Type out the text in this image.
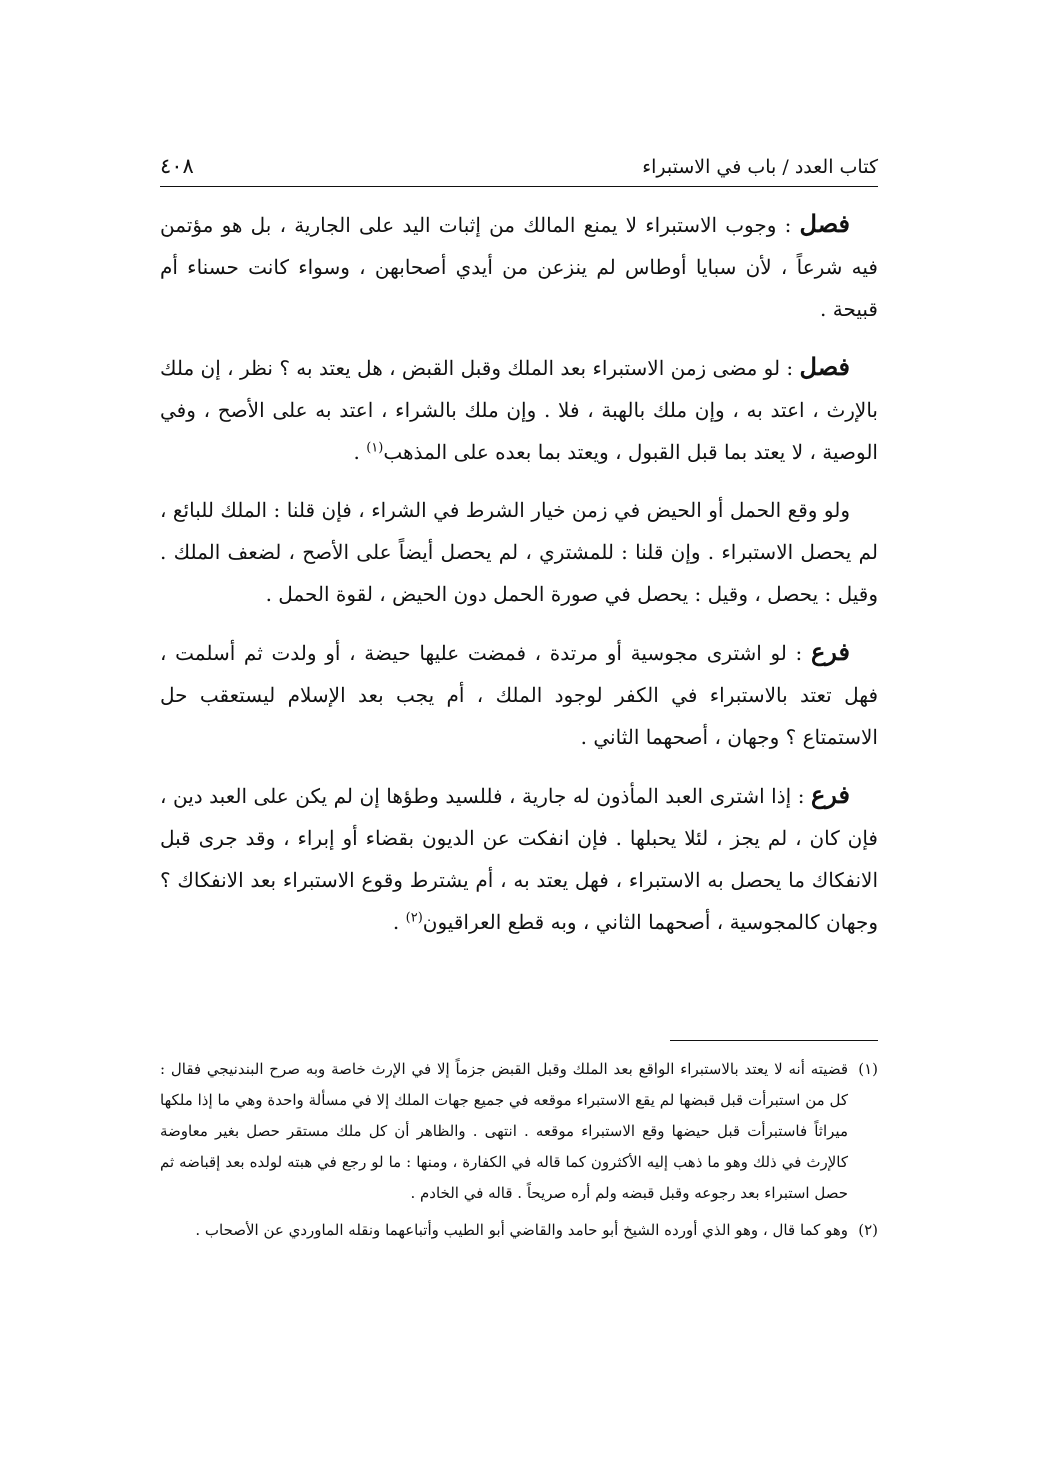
كتاب العدد / باب في الاستبراء
٤٠٨

فصل : وجوب الاستبراء لا يمنع المالك من إثبات اليد على الجارية ، بل هو مؤتمن فيه شرعاً ، لأن سبايا أوطاس لم ينزعن من أيدي أصحابهن ، وسواء كانت حسناء أم قبيحة .

فصل : لو مضى زمن الاستبراء بعد الملك وقبل القبض ، هل يعتد به ؟ نظر ، إن ملك بالإرث ، اعتد به ، وإن ملك بالهبة ، فلا . وإن ملك بالشراء ، اعتد به على الأصح ، وفي الوصية ، لا يعتد بما قبل القبول ، ويعتد بما بعده على المذهب$^{(١)}$ .

ولو وقع الحمل أو الحيض في زمن خيار الشرط في الشراء ، فإن قلنا : الملك للبائع ، لم يحصل الاستبراء . وإن قلنا : للمشتري ، لم يحصل أيضاً على الأصح ، لضعف الملك . وقيل : يحصل ، وقيل : يحصل في صورة الحمل دون الحيض ، لقوة الحمل .

فرع : لو اشترى مجوسية أو مرتدة ، فمضت عليها حيضة ، أو ولدت ثم أسلمت ، فهل تعتد بالاستبراء في الكفر لوجود الملك ، أم يجب بعد الإسلام ليستعقب حل الاستمتاع ؟ وجهان ، أصحهما الثاني .

فرع : إذا اشترى العبد المأذون له جارية ، فللسيد وطؤها إن لم يكن على العبد دين ، فإن كان ، لم يجز ، لئلا يحبلها . فإن انفكت عن الديون بقضاء أو إبراء ، وقد جرى قبل الانفكاك ما يحصل به الاستبراء ، فهل يعتد به ، أم يشترط وقوع الاستبراء بعد الانفكاك ؟ وجهان كالمجوسية ، أصحهما الثاني ، وبه قطع العراقيون$^{(٢)}$ .

(١)
قضيته أنه لا يعتد بالاستبراء الواقع بعد الملك وقبل القبض جزماً إلا في الإرث خاصة وبه صرح البندنيجي فقال : كل من استبرأت قبل قبضها لم يقع الاستبراء موقعه في جميع جهات الملك إلا في مسألة واحدة وهي ما إذا ملكها ميراثاً فاستبرأت قبل حيضها وقع الاستبراء موقعه . انتهى . والظاهر أن كل ملك مستقر حصل بغير معاوضة كالإرث في ذلك وهو ما ذهب إليه الأكثرون كما قاله في الكفارة ، ومنها : ما لو رجع في هبته لولده بعد إقباضه ثم حصل استبراء بعد رجوعه وقبل قبضه ولم أره صريحاً . قاله في الخادم .
(٢)
وهو كما قال ، وهو الذي أورده الشيخ أبو حامد والقاضي أبو الطيب وأتباعهما ونقله الماوردي عن الأصحاب .
